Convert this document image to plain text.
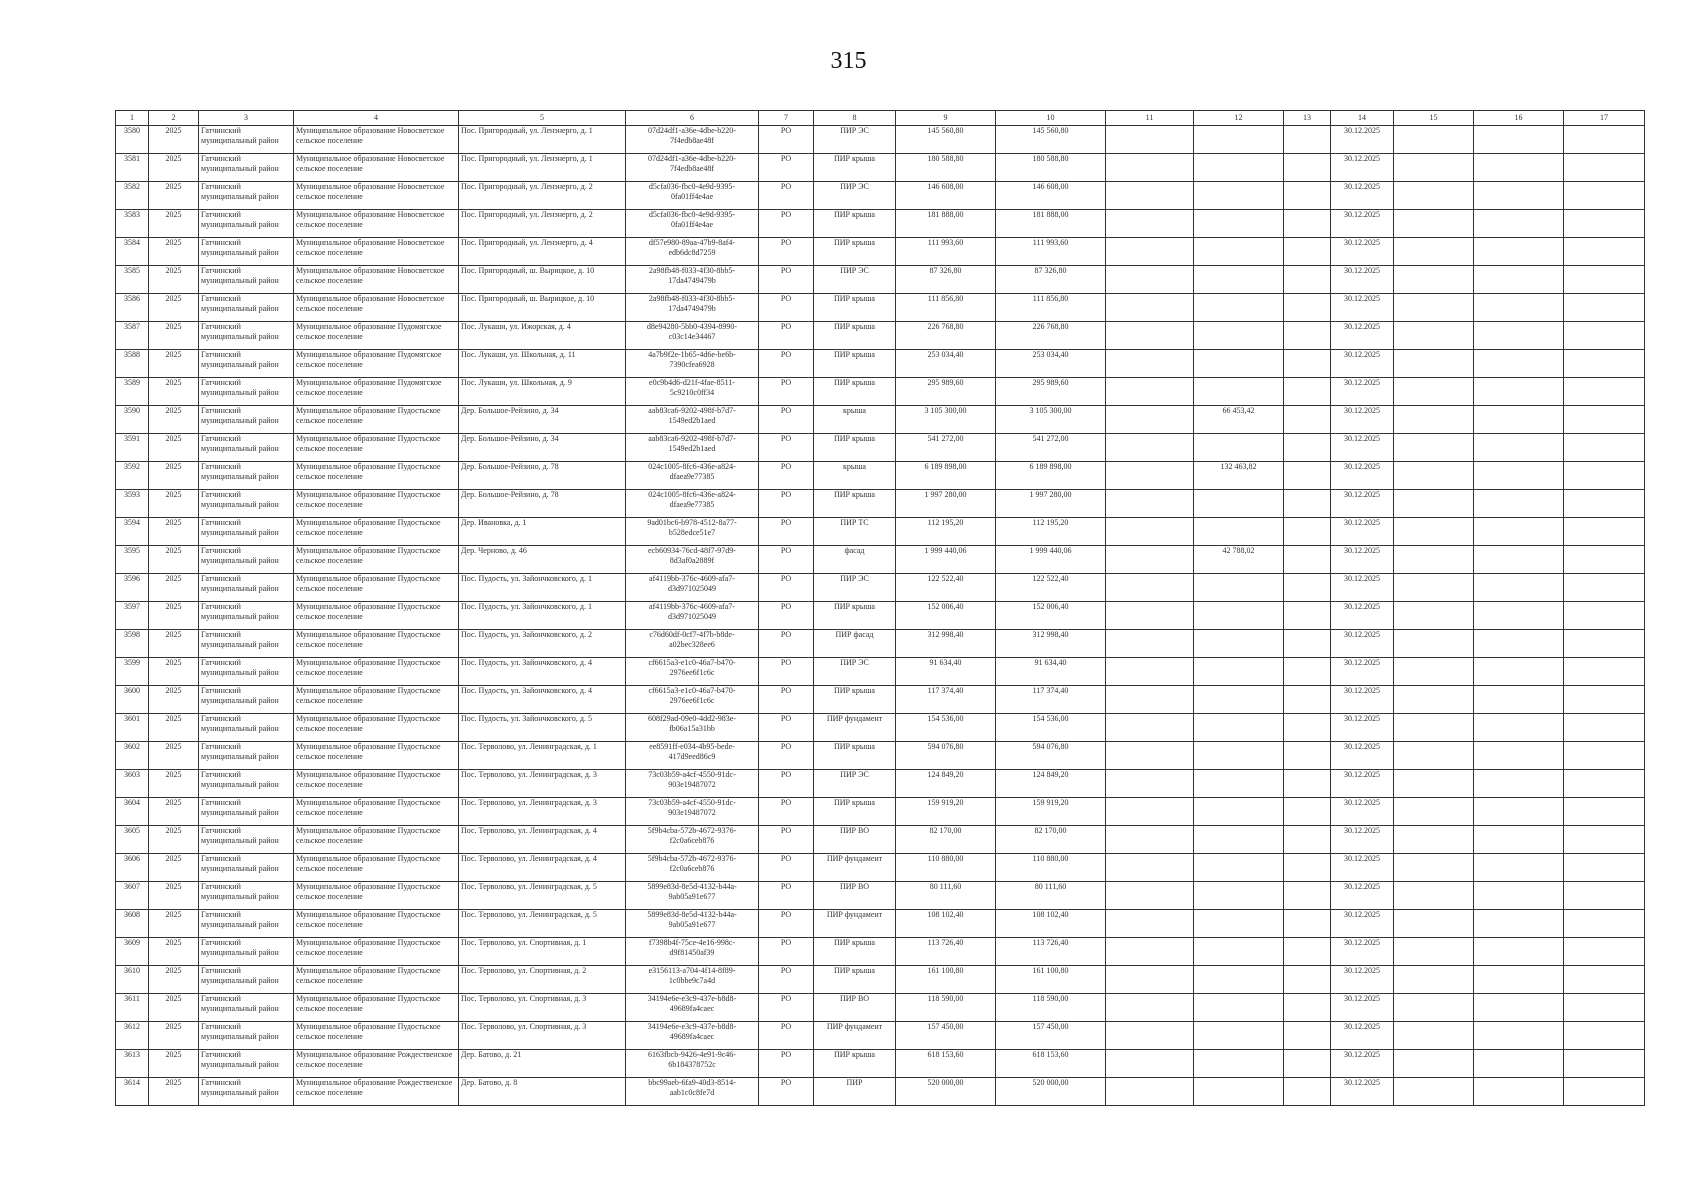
315
1	2	3	4	5	6	7	8	9	10	11	12	13	14	15	16	17
3580	2025	Гатчинский муниципальный район	Муниципальное образование Новосветское сельское поселение	Пос. Пригородный, ул. Ленэнерго, д. 1	07d24df1-a36e-4dbe-b220-7f4edb8ae48f	РО	ПИР ЭС	145 560,80	145 560,80				30.12.2025			
3581	2025	Гатчинский муниципальный район	Муниципальное образование Новосветское сельское поселение	Пос. Пригородный, ул. Ленэнерго, д. 1	07d24df1-a36e-4dbe-b220-7f4edb8ae48f	РО	ПИР крыша	180 588,80	180 588,80				30.12.2025			
3582	2025	Гатчинский муниципальный район	Муниципальное образование Новосветское сельское поселение	Пос. Пригородный, ул. Ленэнерго, д. 2	d5cfa036-fbc0-4e9d-9395-0fa01ff4e4ae	РО	ПИР ЭС	146 608,00	146 608,00				30.12.2025			
3583	2025	Гатчинский муниципальный район	Муниципальное образование Новосветское сельское поселение	Пос. Пригородный, ул. Ленэнерго, д. 2	d5cfa036-fbc0-4e9d-9395-0fa01ff4e4ae	РО	ПИР крыша	181 888,00	181 888,00				30.12.2025			
3584	2025	Гатчинский муниципальный район	Муниципальное образование Новосветское сельское поселение	Пос. Пригородный, ул. Ленэнерго, д. 4	df57e980-89aa-47b9-8af4-edb6dc8d7259	РО	ПИР крыша	111 993,60	111 993,60				30.12.2025			
3585	2025	Гатчинский муниципальный район	Муниципальное образование Новосветское сельское поселение	Пос. Пригородный, ш. Вырицкое, д. 10	2a98fb48-f033-4f30-8bb5-17da4749479b	РО	ПИР ЭС	87 326,80	87 326,80				30.12.2025			
3586	2025	Гатчинский муниципальный район	Муниципальное образование Новосветское сельское поселение	Пос. Пригородный, ш. Вырицкое, д. 10	2a98fb48-f033-4f30-8bb5-17da4749479b	РО	ПИР крыша	111 856,80	111 856,80				30.12.2025			
3587	2025	Гатчинский муниципальный район	Муниципальное образование Пудомягское сельское поселение	Пос. Лукаши, ул. Ижорская, д. 4	d8e94280-5bb0-4394-8990-c03c14e34467	РО	ПИР крыша	226 768,80	226 768,80				30.12.2025			
3588	2025	Гатчинский муниципальный район	Муниципальное образование Пудомягское сельское поселение	Пос. Лукаши, ул. Школьная, д. 11	4a7b9f2e-1b65-4d6e-be6b-7390cfea6928	РО	ПИР крыша	253 034,40	253 034,40				30.12.2025			
3589	2025	Гатчинский муниципальный район	Муниципальное образование Пудомягское сельское поселение	Пос. Лукаши, ул. Школьная, д. 9	e0c9b4d6-d21f-4fae-8511-5c9210c0ff34	РО	ПИР крыша	295 989,60	295 989,60				30.12.2025			
3590	2025	Гатчинский муниципальный район	Муниципальное образование Пудостьское сельское поселение	Дер. Большое-Рейзино, д. 34	aab83ca6-9202-498f-b7d7-1549ed2b1aed	РО	крыша	3 105 300,00	3 105 300,00		66 453,42		30.12.2025			
3591	2025	Гатчинский муниципальный район	Муниципальное образование Пудостьское сельское поселение	Дер. Большое-Рейзино, д. 34	aab83ca6-9202-498f-b7d7-1549ed2b1aed	РО	ПИР крыша	541 272,00	541 272,00				30.12.2025			
3592	2025	Гатчинский муниципальный район	Муниципальное образование Пудостьское сельское поселение	Дер. Большое-Рейзино, д. 78	024c1005-8fc6-436e-a824-dfaea9e77385	РО	крыша	6 189 898,00	6 189 898,00		132 463,82		30.12.2025			
3593	2025	Гатчинский муниципальный район	Муниципальное образование Пудостьское сельское поселение	Дер. Большое-Рейзино, д. 78	024c1005-8fc6-436e-a824-dfaea9e77385	РО	ПИР крыша	1 997 280,00	1 997 280,00				30.12.2025			
3594	2025	Гатчинский муниципальный район	Муниципальное образование Пудостьское сельское поселение	Дер. Ивановка, д. 1	9ad01bc6-b978-4512-8a77-b528edce51e7	РО	ПИР ТС	112 195,20	112 195,20				30.12.2025			
3595	2025	Гатчинский муниципальный район	Муниципальное образование Пудостьское сельское поселение	Дер. Черново, д. 46	ecb60934-76cd-48f7-97d9-8d3af0a2889f	РО	фасад	1 999 440,06	1 999 440,06		42 788,02		30.12.2025			
3596	2025	Гатчинский муниципальный район	Муниципальное образование Пудостьское сельское поселение	Пос. Пудость, ул. Зайончковского, д. 1	af4119bb-376c-4609-afa7-d3d971025049	РО	ПИР ЭС	122 522,40	122 522,40				30.12.2025			
3597	2025	Гатчинский муниципальный район	Муниципальное образование Пудостьское сельское поселение	Пос. Пудость, ул. Зайончковского, д. 1	af4119bb-376c-4609-afa7-d3d971025049	РО	ПИР крыша	152 006,40	152 006,40				30.12.2025			
3598	2025	Гатчинский муниципальный район	Муниципальное образование Пудостьское сельское поселение	Пос. Пудость, ул. Зайончковского, д. 2	c76d60df-0cf7-4f7b-b8de-a02bec328ee6	РО	ПИР фасад	312 998,40	312 998,40				30.12.2025			
3599	2025	Гатчинский муниципальный район	Муниципальное образование Пудостьское сельское поселение	Пос. Пудость, ул. Зайончковского, д. 4	cf6615a3-e1c0-46a7-b470-2976ee6f1c6c	РО	ПИР ЭС	91 634,40	91 634,40				30.12.2025			
3600	2025	Гатчинский муниципальный район	Муниципальное образование Пудостьское сельское поселение	Пос. Пудость, ул. Зайончковского, д. 4	cf6615a3-e1c0-46a7-b470-2976ee6f1c6c	РО	ПИР крыша	117 374,40	117 374,40				30.12.2025			
3601	2025	Гатчинский муниципальный район	Муниципальное образование Пудостьское сельское поселение	Пос. Пудость, ул. Зайончковского, д. 5	608f29ad-09e0-4dd2-983e-fb06a15a31bb	РО	ПИР фундамент	154 536,00	154 536,00				30.12.2025			
3602	2025	Гатчинский муниципальный район	Муниципальное образование Пудостьское сельское поселение	Пос. Терволово, ул. Ленинградская, д. 1	ee8591ff-e034-4b95-bede-417d9eed86c9	РО	ПИР крыша	594 076,80	594 076,80				30.12.2025			
3603	2025	Гатчинский муниципальный район	Муниципальное образование Пудостьское сельское поселение	Пос. Терволово, ул. Ленинградская, д. 3	73c03b59-a4cf-4550-91dc-903e19487072	РО	ПИР ЭС	124 849,20	124 849,20				30.12.2025			
3604	2025	Гатчинский муниципальный район	Муниципальное образование Пудостьское сельское поселение	Пос. Терволово, ул. Ленинградская, д. 3	73c03b59-a4cf-4550-91dc-903e19487072	РО	ПИР крыша	159 919,20	159 919,20				30.12.2025			
3605	2025	Гатчинский муниципальный район	Муниципальное образование Пудостьское сельское поселение	Пос. Терволово, ул. Ленинградская, д. 4	5f9b4cba-572b-4672-9376-f2c0a6ceb876	РО	ПИР ВО	82 170,00	82 170,00				30.12.2025			
3606	2025	Гатчинский муниципальный район	Муниципальное образование Пудостьское сельское поселение	Пос. Терволово, ул. Ленинградская, д. 4	5f9b4cba-572b-4672-9376-f2c0a6ceb876	РО	ПИР фундамент	110 880,00	110 880,00				30.12.2025			
3607	2025	Гатчинский муниципальный район	Муниципальное образование Пудостьское сельское поселение	Пос. Терволово, ул. Ленинградская, д. 5	5899e83d-8e5d-4132-b44a-9ab05a91e677	РО	ПИР ВО	80 111,60	80 111,60				30.12.2025			
3608	2025	Гатчинский муниципальный район	Муниципальное образование Пудостьское сельское поселение	Пос. Терволово, ул. Ленинградская, д. 5	5899e83d-8e5d-4132-b44a-9ab05a91e677	РО	ПИР фундамент	108 102,40	108 102,40				30.12.2025			
3609	2025	Гатчинский муниципальный район	Муниципальное образование Пудостьское сельское поселение	Пос. Терволово, ул. Спортивная, д. 1	f7398b4f-75ce-4e16-998c-d9f81450af39	РО	ПИР крыша	113 726,40	113 726,40				30.12.2025			
3610	2025	Гатчинский муниципальный район	Муниципальное образование Пудостьское сельское поселение	Пос. Терволово, ул. Спортивная, д. 2	e3156113-a704-4f14-8f89-1c0bbe9c7a4d	РО	ПИР крыша	161 100,80	161 100,80				30.12.2025			
3611	2025	Гатчинский муниципальный район	Муниципальное образование Пудостьское сельское поселение	Пос. Терволово, ул. Спортивная, д. 3	34194e6e-e3c9-437e-b8d8-49689fa4caec	РО	ПИР ВО	118 590,00	118 590,00				30.12.2025			
3612	2025	Гатчинский муниципальный район	Муниципальное образование Пудостьское сельское поселение	Пос. Терволово, ул. Спортивная, д. 3	34194e6e-e3c9-437e-b8d8-49689fa4caec	РО	ПИР фундамент	157 450,00	157 450,00				30.12.2025			
3613	2025	Гатчинский муниципальный район	Муниципальное образование Рождественское сельское поселение	Дер. Батово, д. 21	6163fbcb-9426-4e91-9c46-6b184378752c	РО	ПИР крыша	618 153,60	618 153,60				30.12.2025			
3614	2025	Гатчинский муниципальный район	Муниципальное образование Рождественское сельское поселение	Дер. Батово, д. 8	bbc99aeb-6fa9-40d3-8514-aab1c0c8fe7d	РО	ПИР	520 000,00	520 000,00				30.12.2025			
